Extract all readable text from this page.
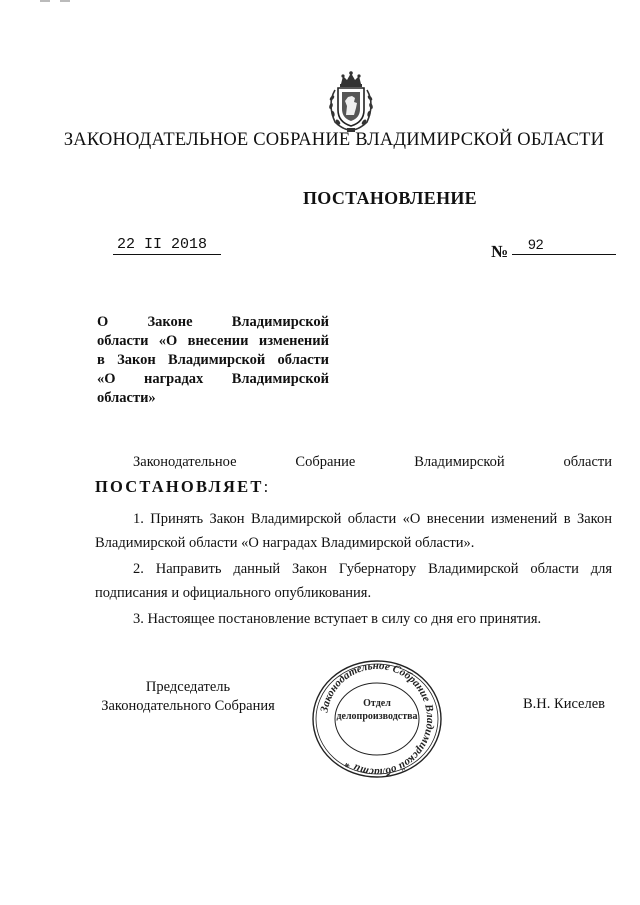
ЗАКОНОДАТЕЛЬНОЕ СОБРАНИЕ ВЛАДИМИРСКОЙ ОБЛАСТИ
ПОСТАНОВЛЕНИЕ
22 II 2018	№	92
О Законе Владимирской
области «О внесении изменений
в Закон Владимирской области
«О наградах Владимирской
области»
Законодательное	Собрание	Владимирской	области
ПОСТАНОВЛЯЕТ:
1. Принять Закон Владимирской области «О внесении изменений в Закон Владимирской области «О наградах Владимирской области».
2. Направить данный Закон Губернатору Владимирской области для подписания и официального опубликования.
3. Настоящее постановление вступает в силу со дня его принятия.
Председатель
Законодательного Собрания	В.Н. Киселев
Законодательное Собрание Владимирской области *
Отдел
делопроизводства
